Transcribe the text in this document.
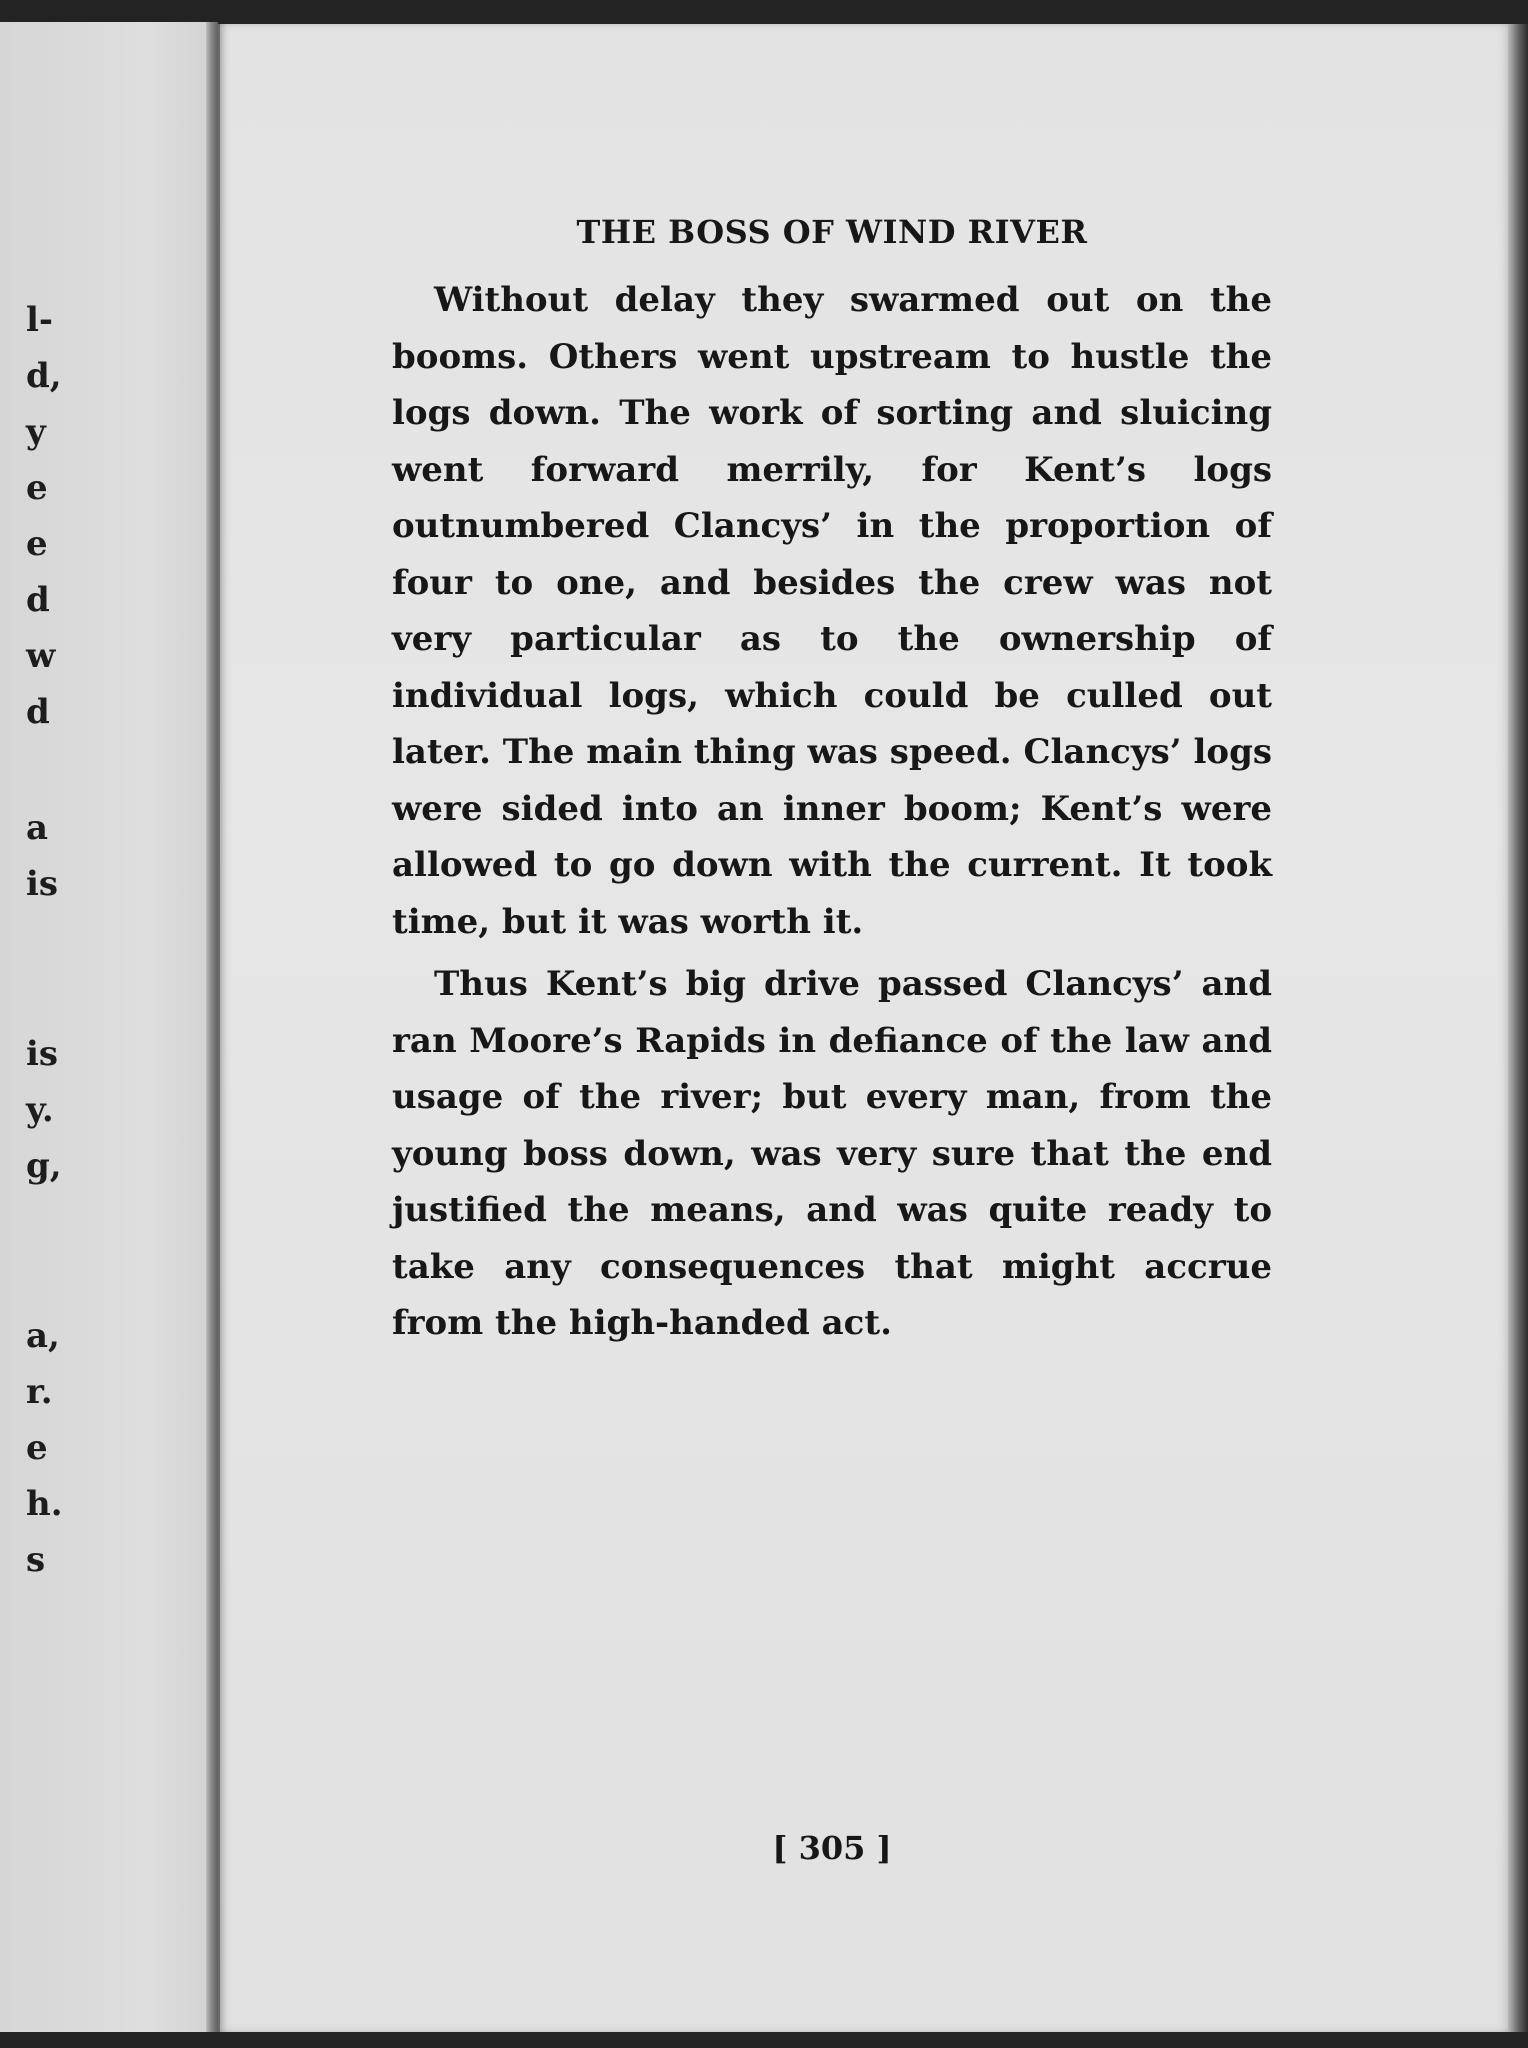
l-
d,
y
e
e
d
w
d
a
is
is
y.
g,
a,
r.
e
h.
s
THE BOSS OF WIND RIVER

Without delay they swarmed out on the booms. Others went upstream to hustle the logs down. The work of sorting and sluicing went forward merrily, for Kent’s logs outnumbered Clancys’ in the proportion of four to one, and besides the crew was not very particular as to the ownership of individual logs, which could be culled out later. The main thing was speed. Clancys’ logs were sided into an inner boom; Kent’s were allowed to go down with the current. It took time, but it was worth it.

Thus Kent’s big drive passed Clancys’ and ran Moore’s Rapids in defiance of the law and usage of the river; but every man, from the young boss down, was very sure that the end justified the means, and was quite ready to take any consequences that might accrue from the high-handed act.

[ 305 ]
